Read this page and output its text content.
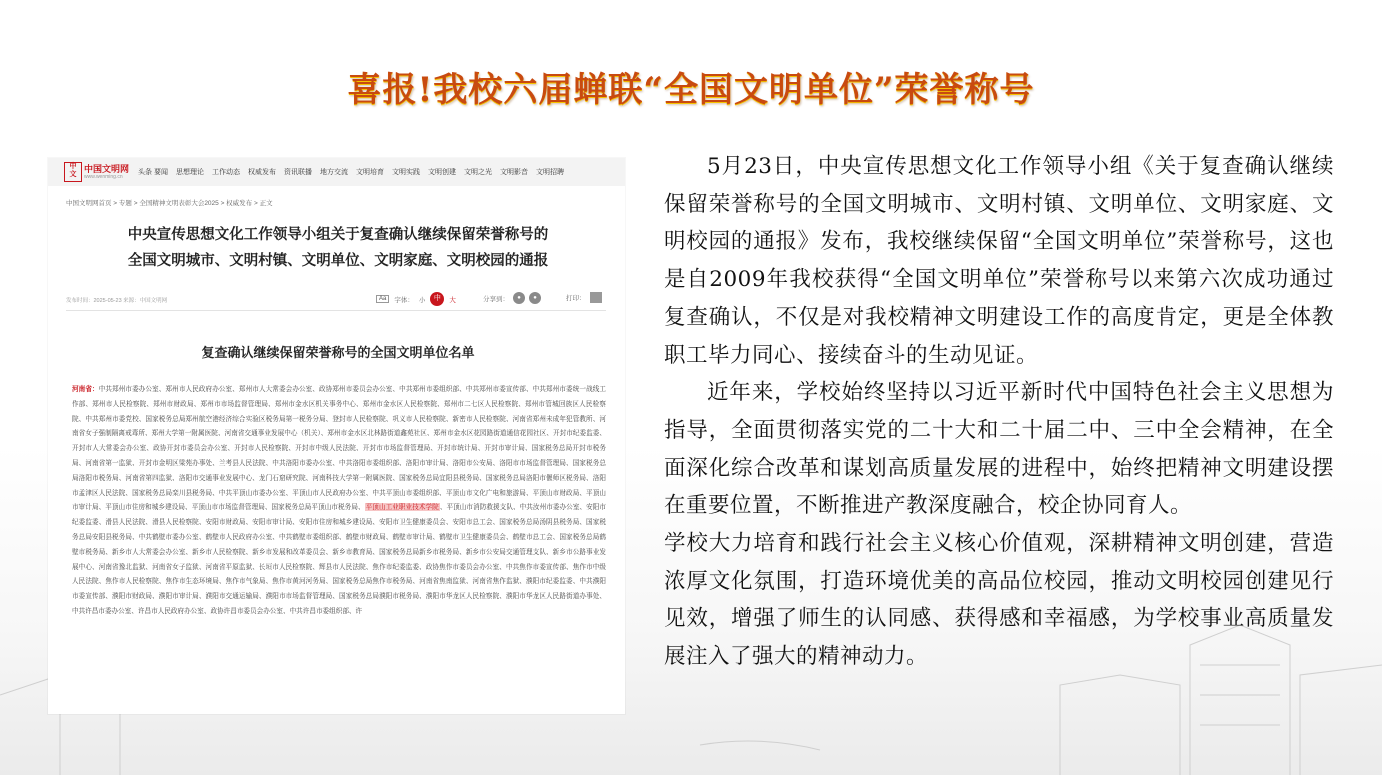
喜报!我校六届蝉联“全国文明单位”荣誉称号
中
文
中国文明网
www.wenming.cn
头条 要闻 思想理论 工作动态 权威发布 资讯联播 地方交流 文明培育 文明实践 文明创建 文明之光 文明影音 文明招聘
中国文明网首页 > 专题 > 全国精神文明表彰大会2025 > 权威发布 > 正文
中央宣传思想文化工作领导小组关于复查确认继续保留荣誉称号的
全国文明城市、文明村镇、文明单位、文明家庭、文明校园的通报
发布时间：2025-05-23 来源：中国文明网	Aa	字体： 小	中	大	分享到：	●	●	打印：
复查确认继续保留荣誉称号的全国文明单位名单
河南省：中共郑州市委办公室、郑州市人民政府办公室、郑州市人大常委会办公室、政协郑州市委员会办公室、中共郑州市委组织部、中共郑州市委宣传部、中共郑州市委统一战线工作部、郑州市人民检察院、郑州市财政局、郑州市市场监督管理局、郑州市金水区机关事务中心、郑州市金水区人民检察院、郑州市二七区人民检察院、郑州市管城回族区人民检察院、中共郑州市委党校、国家税务总局郑州航空港经济综合实验区税务局第一税务分局、登封市人民检察院、巩义市人民检察院、新密市人民检察院、河南省郑州未成年犯管教所、河南省女子强制隔离戒毒所、郑州大学第一附属医院、河南省交通事业发展中心（机关）、郑州市金水区北林路街道鑫苑社区、郑州市金水区花园路街道通信花园社区、开封市纪委监委、开封市人大常委会办公室、政协开封市委员会办公室、开封市人民检察院、开封市中级人民法院、开封市市场监督管理局、开封市统计局、开封市审计局、国家税务总局开封市税务局、河南省第一监狱、开封市金明区梁苑办事处、兰考县人民法院、中共洛阳市委办公室、中共洛阳市委组织部、洛阳市审计局、洛阳市公安局、洛阳市市场监督管理局、国家税务总局洛阳市税务局、河南省第四监狱、洛阳市交通事业发展中心、龙门石窟研究院、河南科技大学第一附属医院、国家税务总局宜阳县税务局、国家税务总局洛阳市偃师区税务局、洛阳市孟津区人民法院、国家税务总局栾川县税务局、中共平顶山市委办公室、平顶山市人民政府办公室、中共平顶山市委组织部、平顶山市文化广电和旅游局、平顶山市财政局、平顶山市审计局、平顶山市住房和城乡建设局、平顶山市市场监督管理局、国家税务总局平顶山市税务局、平顶山工业职业技术学院、平顶山市消防救援支队、中共汝州市委办公室、安阳市纪委监委、滑县人民法院、滑县人民检察院、安阳市财政局、安阳市审计局、安阳市住房和城乡建设局、安阳市卫生健康委员会、安阳市总工会、国家税务总局汤阴县税务局、国家税务总局安阳县税务局、中共鹤壁市委办公室、鹤壁市人民政府办公室、中共鹤壁市委组织部、鹤壁市财政局、鹤壁市审计局、鹤壁市卫生健康委员会、鹤壁市总工会、国家税务总局鹤壁市税务局、新乡市人大常委会办公室、新乡市人民检察院、新乡市发展和改革委员会、新乡市教育局、国家税务总局新乡市税务局、新乡市公安局交通管理支队、新乡市公路事业发展中心、河南省豫北监狱、河南省女子监狱、河南省平原监狱、长垣市人民检察院、辉县市人民法院、焦作市纪委监委、政协焦作市委员会办公室、中共焦作市委宣传部、焦作市中级人民法院、焦作市人民检察院、焦作市生态环境局、焦作市气象局、焦作市黄河河务局、国家税务总局焦作市税务局、河南省焦南监狱、河南省焦作监狱、濮阳市纪委监委、中共濮阳市委宣传部、濮阳市财政局、濮阳市审计局、濮阳市交通运输局、濮阳市市场监督管理局、国家税务总局濮阳市税务局、濮阳市华龙区人民检察院、濮阳市华龙区人民路街道办事处、中共许昌市委办公室、许昌市人民政府办公室、政协许昌市委员会办公室、中共许昌市委组织部、许

5月23日，中央宣传思想文化工作领导小组《关于复查确认继续保留荣誉称号的全国文明城市、文明村镇、文明单位、文明家庭、文明校园的通报》发布，我校继续保留“全国文明单位”荣誉称号，这也是自2009年我校获得“全国文明单位”荣誉称号以来第六次成功通过复查确认，不仅是对我校精神文明建设工作的高度肯定，更是全体教职工毕力同心、接续奋斗的生动见证。

近年来，学校始终坚持以习近平新时代中国特色社会主义思想为指导，全面贯彻落实党的二十大和二十届二中、三中全会精神，在全面深化综合改革和谋划高质量发展的进程中，始终把精神文明建设摆在重要位置，不断推进产教深度融合，校企协同育人。

学校大力培育和践行社会主义核心价值观，深耕精神文明创建，营造浓厚文化氛围，打造环境优美的高品位校园，推动文明校园创建见行见效，增强了师生的认同感、获得感和幸福感，为学校事业高质量发展注入了强大的精神动力。
